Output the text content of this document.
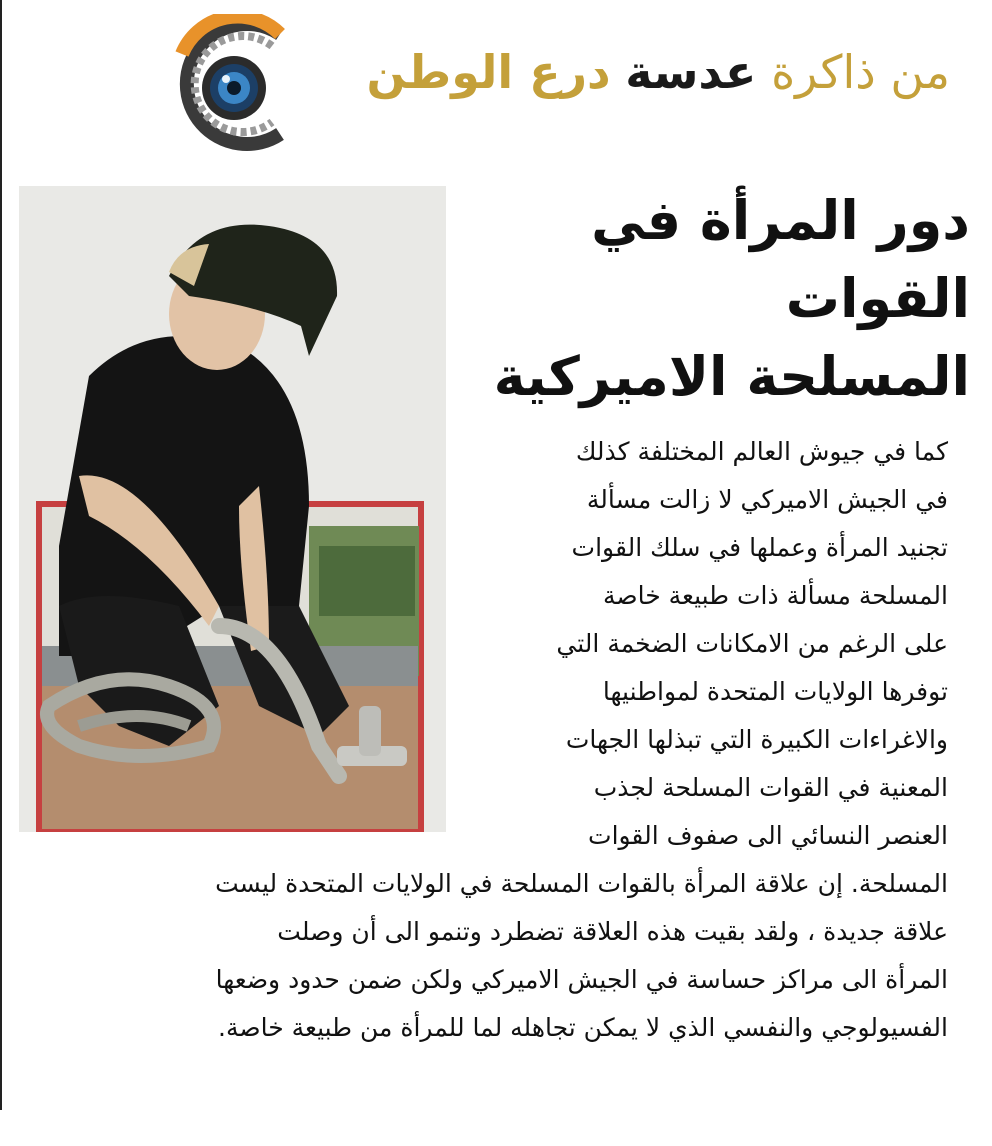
من ذاكرة عدسة درع الوطن
دور المرأة في القوات
المسلحة الاميركية
كما في جيوش العالم المختلفة كذلك
في الجيش الاميركي لا زالت مسألة
تجنيد المرأة وعملها في سلك القوات
المسلحة مسألة ذات طبيعة خاصة
على الرغم من الامكانات الضخمة التي
توفرها الولايات المتحدة لمواطنيها
والاغراءات الكبيرة التي تبذلها الجهات
المعنية في القوات المسلحة لجذب
العنصر النسائي الى صفوف القوات
المسلحة. إن علاقة المرأة بالقوات المسلحة في الولايات المتحدة ليست
علاقة جديدة ، ولقد بقيت هذه العلاقة تضطرد وتنمو الى أن وصلت
المرأة الى مراكز حساسة في الجيش الاميركي ولكن ضمن حدود وضعها
الفسيولوجي والنفسي الذي لا يمكن تجاهله لما للمرأة من طبيعة خاصة.
